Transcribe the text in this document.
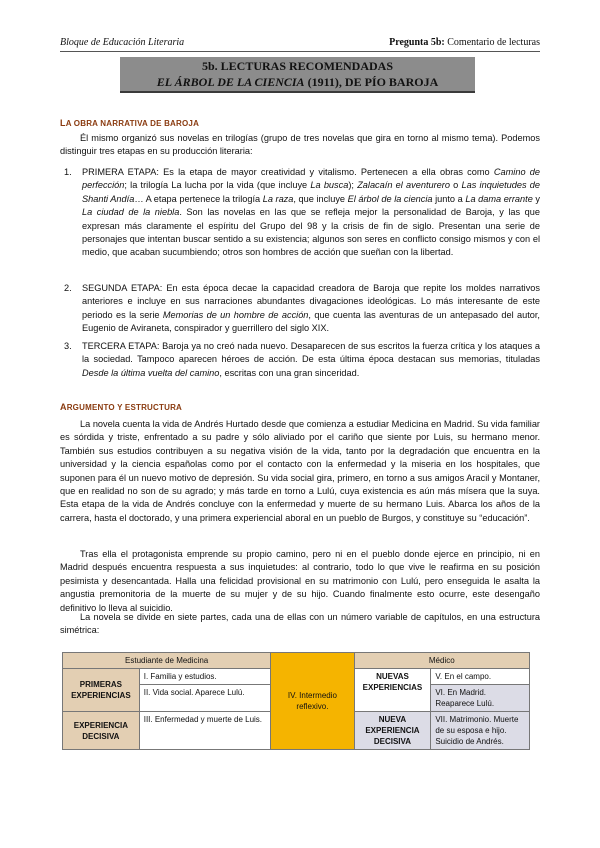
Bloque de Educación Literaria	Pregunta 5b: Comentario de lecturas
5b. LECTURAS RECOMENDADAS
EL ÁRBOL DE LA CIENCIA (1911), DE PÍO BAROJA
LA OBRA NARRATIVA DE BAROJA
Él mismo organizó sus novelas en trilogías (grupo de tres novelas que gira en torno al mismo tema). Podemos distinguir tres etapas en su producción literaria:
1. PRIMERA ETAPA: Es la etapa de mayor creatividad y vitalismo. Pertenecen a ella obras como Camino de perfección; la trilogía La lucha por la vida (que incluye La busca); Zalacaín el aventurero o Las inquietudes de Shanti Andía… A etapa pertenece la trilogía La raza, que incluye El árbol de la ciencia junto a La dama errante y La ciudad de la niebla. Son las novelas en las que se refleja mejor la personalidad de Baroja, y las que expresan más claramente el espíritu del Grupo del 98 y la crisis de fin de siglo. Presentan una serie de personajes que intentan buscar sentido a su existencia; algunos son seres en conflicto consigo mismos y con el medio, que acaban sucumbiendo; otros son hombres de acción que sueñan con la libertad.
2. SEGUNDA ETAPA: En esta época decae la capacidad creadora de Baroja que repite los moldes narrativos anteriores e incluye en sus narraciones abundantes divagaciones ideológicas. Lo más interesante de este periodo es la serie Memorias de un hombre de acción, que cuenta las aventuras de un antepasado del autor, Eugenio de Aviraneta, conspirador y guerrillero del siglo XIX.
3. TERCERA ETAPA: Baroja ya no creó nada nuevo. Desaparecen de sus escritos la fuerza crítica y los ataques a la sociedad. Tampoco aparecen héroes de acción. De esta última época destacan sus memorias, tituladas Desde la última vuelta del camino, escritas con una gran sinceridad.
ARGUMENTO Y ESTRUCTURA
La novela cuenta la vida de Andrés Hurtado desde que comienza a estudiar Medicina en Madrid. Su vida familiar es sórdida y triste, enfrentado a su padre y sólo aliviado por el cariño que siente por Luis, su hermano menor. También sus estudios contribuyen a su negativa visión de la vida, tanto por la degradación que encuentra en la universidad y la ciencia españolas como por el contacto con la enfermedad y la miseria en los hospitales, que suponen para él un nuevo motivo de depresión. Su vida social gira, primero, en torno a sus amigos Aracil y Montaner, que en realidad no son de su agrado; y más tarde en torno a Lulú, cuya existencia es aún más mísera que la suya. Esta etapa de la vida de Andrés concluye con la enfermedad y muerte de su hermano Luis. Abarca los años de la carrera, hasta el doctorado, y una primera experiencial aboral en un pueblo de Burgos, y constituye su “educación”.
Tras ella el protagonista emprende su propio camino, pero ni en el pueblo donde ejerce en principio, ni en Madrid después encuentra respuesta a sus inquietudes: al contrario, todo lo que vive le reafirma en su posición pesimista y desencantada. Halla una felicidad provisional en su matrimonio con Lulú, pero enseguida le asalta la angustia premonitoria de la muerte de su mujer y de su hijo. Cuando finalmente esto ocurre, este desengaño definitivo lo lleva al suicidio.
La novela se divide en siete partes, cada una de ellas con un número variable de capítulos, en una estructura simétrica:
Estudiante de Medicina		IV. Intermedio reflexivo.	Médico	
PRIMERAS EXPERIENCIAS	I. Familia y estudios.		NUEVAS EXPERIENCIAS	V. En el campo.
	II. Vida social. Aparece Lulú.			VI. En Madrid. Reaparece Lulú.
EXPERIENCIA DECISIVA	III. Enfermedad y muerte de Luis.		NUEVA EXPERIENCIA DECISIVA	VII. Matrimonio. Muerte de su esposa e hijo. Suicidio de Andrés.
